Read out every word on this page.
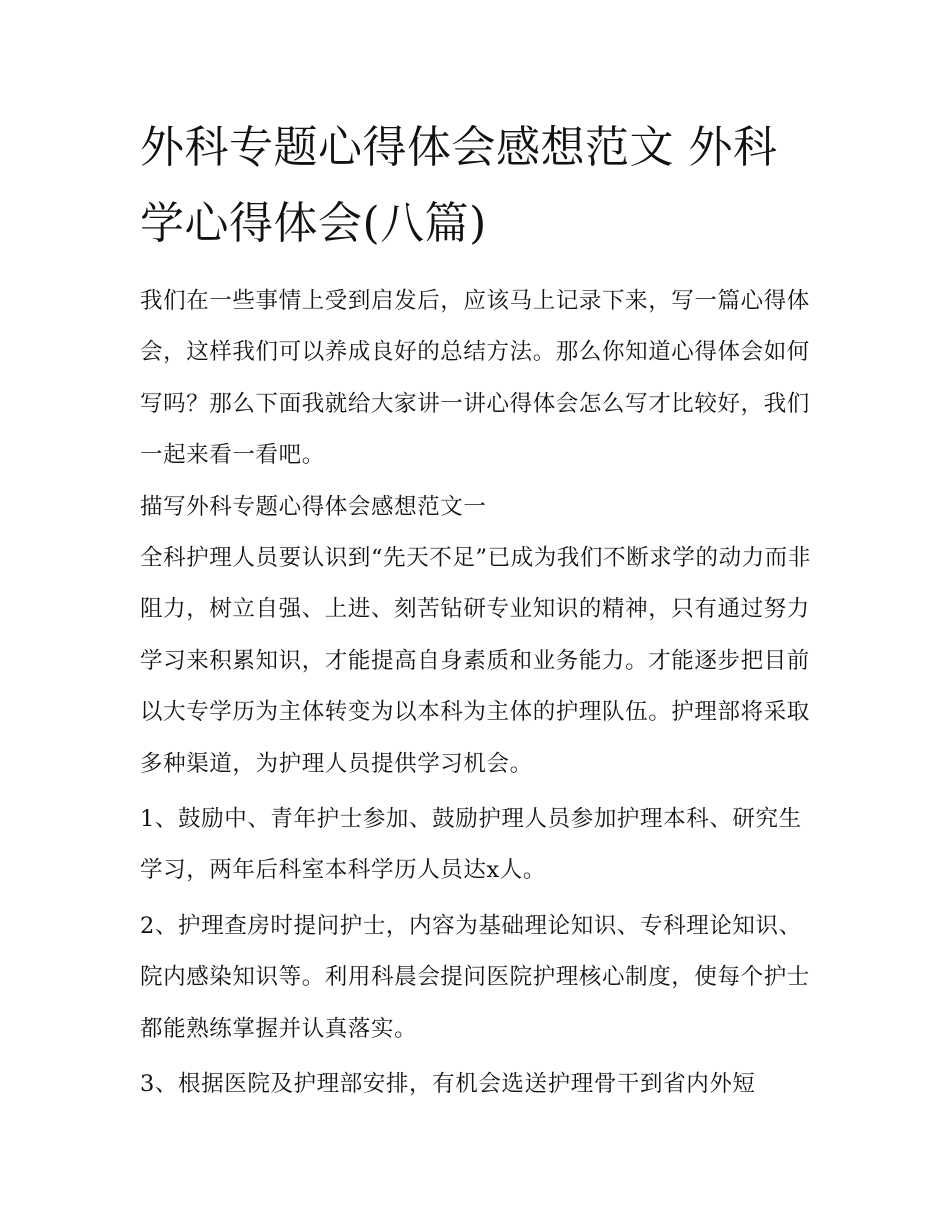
外科专题心得体会感想范文 外科学心得体会(八篇)

我们在一些事情上受到启发后，应该马上记录下来，写一篇心得体会，这样我们可以养成良好的总结方法。那么你知道心得体会如何写吗？那么下面我就给大家讲一讲心得体会怎么写才比较好，我们一起来看一看吧。

描写外科专题心得体会感想范文一

全科护理人员要认识到“先天不足”已成为我们不断求学的动力而非阻力，树立自强、上进、刻苦钻研专业知识的精神，只有通过努力学习来积累知识，才能提高自身素质和业务能力。才能逐步把目前以大专学历为主体转变为以本科为主体的护理队伍。护理部将采取多种渠道，为护理人员提供学习机会。

1、鼓励中、青年护士参加、鼓励护理人员参加护理本科、研究生学习，两年后科室本科学历人员达x人。

2、护理查房时提问护士，内容为基础理论知识、专科理论知识、院内感染知识等。利用科晨会提问医院护理核心制度，使每个护士都能熟练掌握并认真落实。

3、根据医院及护理部安排，有机会选送护理骨干到省内外短
